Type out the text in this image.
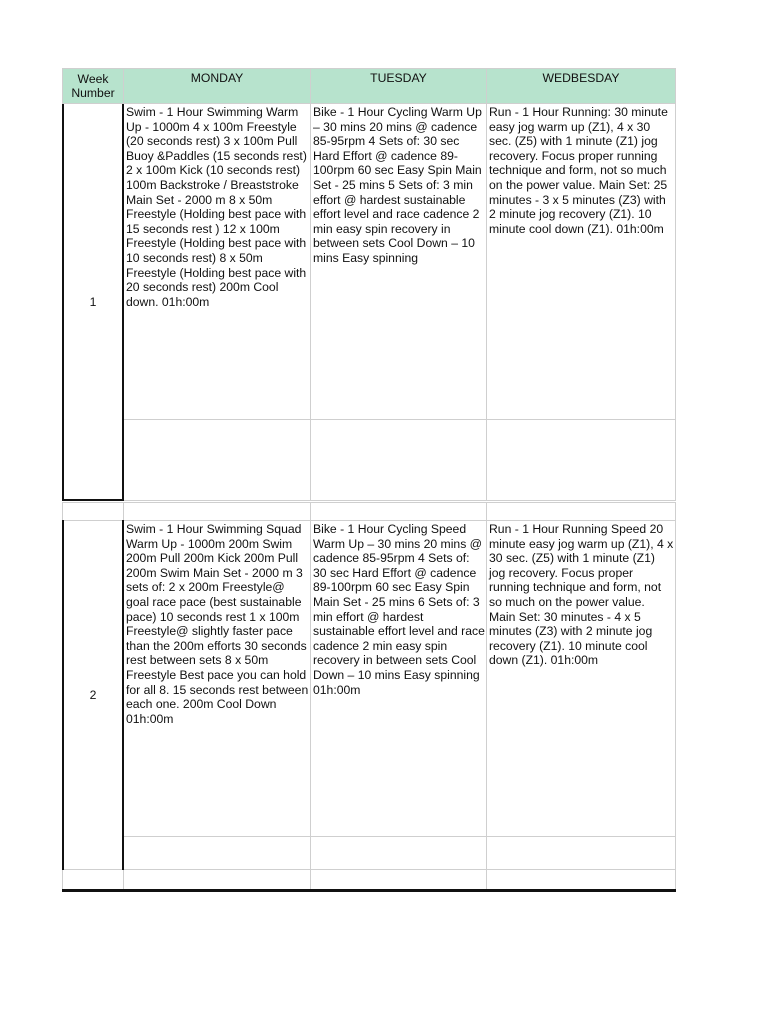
Week Number
MONDAY	TUESDAY	WEDBESDAY
1
Swim - 1 Hour Swimming Warm Up - 1000m 4 x 100m Freestyle (20 seconds rest) 3 x 100m Pull Buoy &Paddles (15 seconds rest) 2 x 100m Kick (10 seconds rest) 100m Backstroke / Breaststroke Main Set - 2000 m 8 x 50m Freestyle (Holding best pace with 15 seconds rest ) 12 x 100m Freestyle (Holding best pace with 10 seconds rest) 8 x 50m Freestyle (Holding best pace with 20 seconds rest) 200m Cool down. 01h:00m
Bike - 1 Hour Cycling Warm Up – 30 mins 20 mins @ cadence 85-95rpm 4 Sets of: 30 sec Hard Effort @ cadence 89-100rpm 60 sec Easy Spin Main Set - 25 mins 5 Sets of: 3 min effort @ hardest sustainable effort level and race cadence 2 min easy spin recovery in between sets Cool Down – 10 mins Easy spinning
Run - 1 Hour Running: 30 minute easy jog warm up (Z1), 4 x 30 sec. (Z5) with 1 minute (Z1) jog recovery. Focus proper running technique and form, not so much on the power value. Main Set: 25 minutes - 3 x 5 minutes (Z3) with 2 minute jog recovery (Z1). 10 minute cool down (Z1). 01h:00m
2
Swim - 1 Hour Swimming Squad Warm Up - 1000m 200m Swim 200m Pull 200m Kick 200m Pull 200m Swim Main Set - 2000 m 3 sets of: 2 x 200m Freestyle@ goal race pace (best sustainable pace) 10 seconds rest 1 x 100m Freestyle@ slightly faster pace than the 200m efforts 30 seconds rest between sets 8 x 50m Freestyle Best pace you can hold for all 8. 15 seconds rest between each one. 200m Cool Down 01h:00m
Bike - 1 Hour Cycling Speed Warm Up – 30 mins 20 mins @ cadence 85-95rpm 4 Sets of: 30 sec Hard Effort @ cadence 89-100rpm 60 sec Easy Spin Main Set - 25 mins 6 Sets of: 3 min effort @ hardest sustainable effort level and race cadence 2 min easy spin recovery in between sets Cool Down – 10 mins Easy spinning 01h:00m
Run - 1 Hour Running Speed 20 minute easy jog warm up (Z1), 4 x 30 sec. (Z5) with 1 minute (Z1) jog recovery. Focus proper running technique and form, not so much on the power value. Main Set: 30 minutes - 4 x 5 minutes (Z3) with 2 minute jog recovery (Z1). 10 minute cool down (Z1). 01h:00m
